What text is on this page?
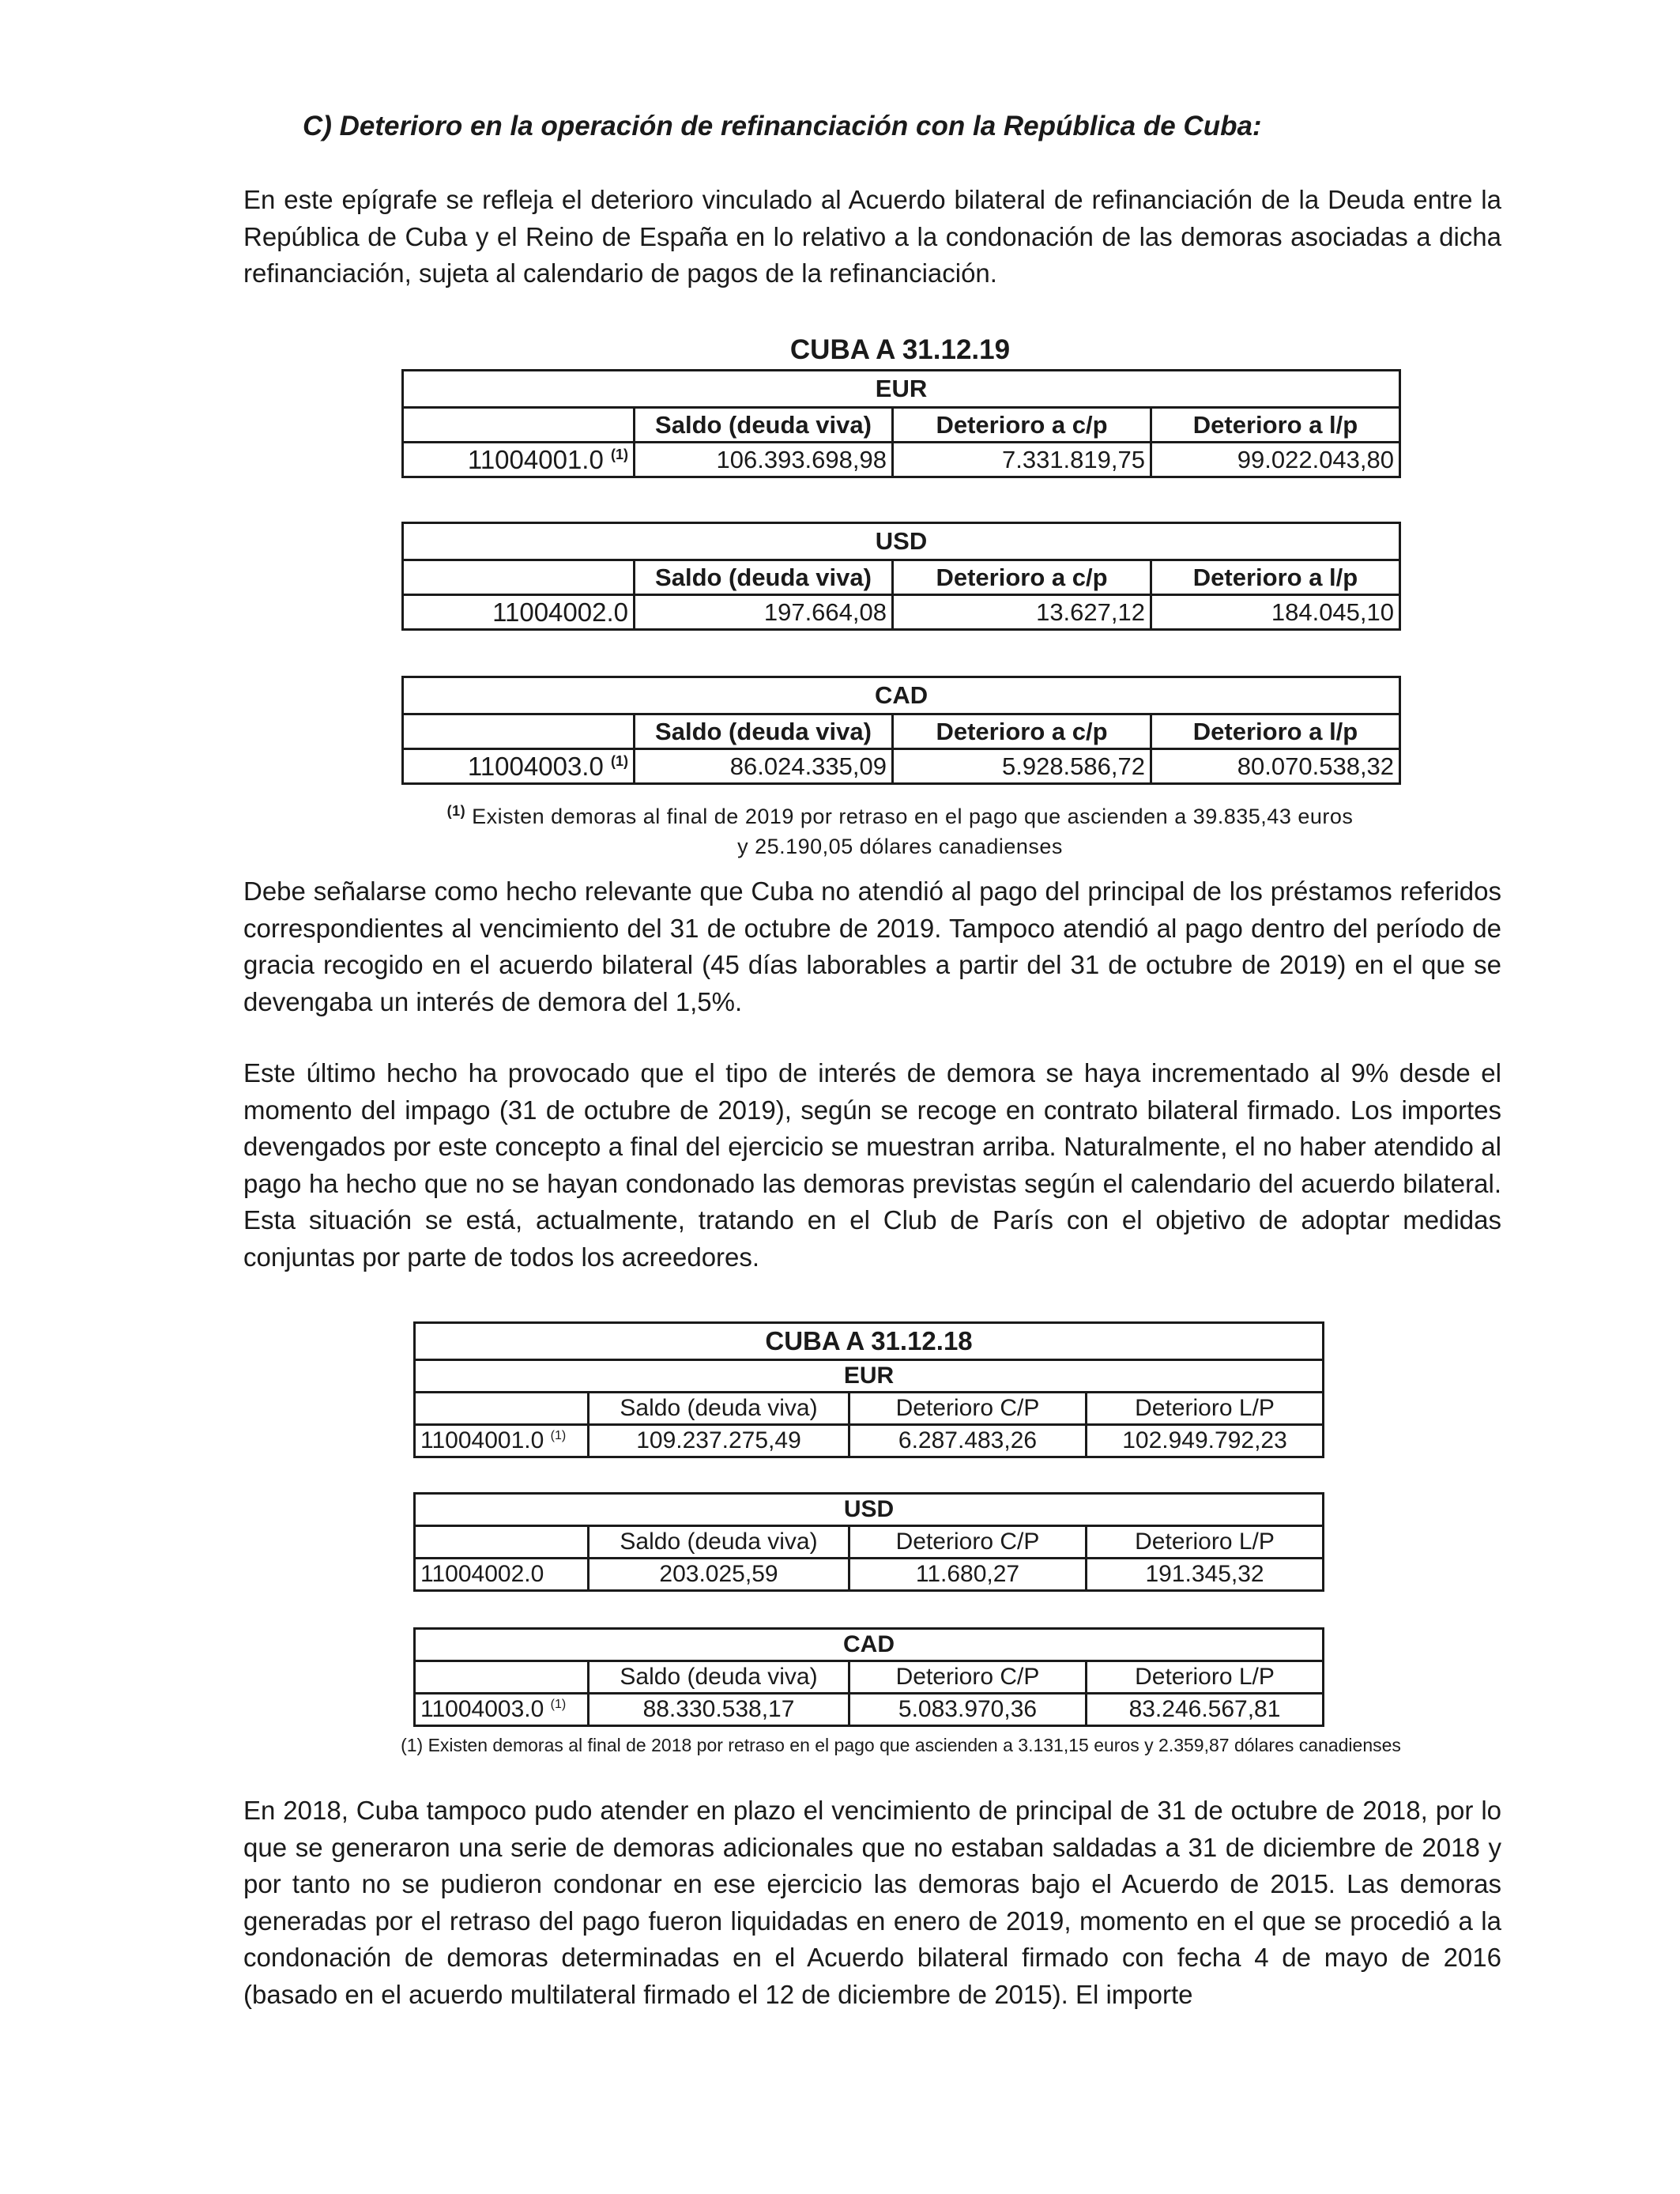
C) Deterioro en la operación de refinanciación con la República de Cuba:

En este epígrafe se refleja el deterioro vinculado al Acuerdo bilateral de refinanciación de la Deuda entre la República de Cuba y el Reino de España en lo relativo a la condonación de las demoras asociadas a dicha refinanciación, sujeta al calendario de pagos de la refinanciación.

CUBA A 31.12.19
EUR			
	Saldo (deuda viva)	Deterioro a c/p	Deterioro a l/p
11004001.0 $^{(1)}$	106.393.698,98	7.331.819,75	99.022.043,80
USD			
	Saldo (deuda viva)	Deterioro a c/p	Deterioro a l/p
11004002.0	197.664,08	13.627,12	184.045,10
CAD			
	Saldo (deuda viva)	Deterioro a c/p	Deterioro a l/p
11004003.0 $^{(1)}$	86.024.335,09	5.928.586,72	80.070.538,32
$^{(1)}$ Existen demoras al final de 2019 por retraso en el pago que ascienden a 39.835,43 euros
y 25.190,05 dólares canadienses

Debe señalarse como hecho relevante que Cuba no atendió al pago del principal de los préstamos referidos correspondientes al vencimiento del 31 de octubre de 2019. Tampoco atendió al pago dentro del período de gracia recogido en el acuerdo bilateral (45 días laborables a partir del 31 de octubre de 2019) en el que se devengaba un interés de demora del 1,5%.

Este último hecho ha provocado que el tipo de interés de demora se haya incrementado al 9% desde el momento del impago (31 de octubre de 2019), según se recoge en contrato bilateral firmado. Los importes devengados por este concepto a final del ejercicio se muestran arriba. Naturalmente, el no haber atendido al pago ha hecho que no se hayan condonado las demoras previstas según el calendario del acuerdo bilateral. Esta situación se está, actualmente, tratando en el Club de París con el objetivo de adoptar medidas conjuntas por parte de todos los acreedores.

CUBA A 31.12.18			
EUR			
	Saldo (deuda viva)	Deterioro C/P	Deterioro L/P
11004001.0 $^{(1)}$	109.237.275,49	6.287.483,26	102.949.792,23
USD			
	Saldo (deuda viva)	Deterioro C/P	Deterioro L/P
11004002.0	203.025,59	11.680,27	191.345,32
CAD			
	Saldo (deuda viva)	Deterioro C/P	Deterioro L/P
11004003.0 $^{(1)}$	88.330.538,17	5.083.970,36	83.246.567,81
(1) Existen demoras al final de 2018 por retraso en el pago que ascienden a 3.131,15 euros y 2.359,87 dólares canadienses

En 2018, Cuba tampoco pudo atender en plazo el vencimiento de principal de 31 de octubre de 2018, por lo que se generaron una serie de demoras adicionales que no estaban saldadas a 31 de diciembre de 2018 y por tanto no se pudieron condonar en ese ejercicio las demoras bajo el Acuerdo de 2015. Las demoras generadas por el retraso del pago fueron liquidadas en enero de 2019, momento en el que se procedió a la condonación de demoras determinadas en el Acuerdo bilateral firmado con fecha 4 de mayo de 2016 (basado en el acuerdo multilateral firmado el 12 de diciembre de 2015). El importe
